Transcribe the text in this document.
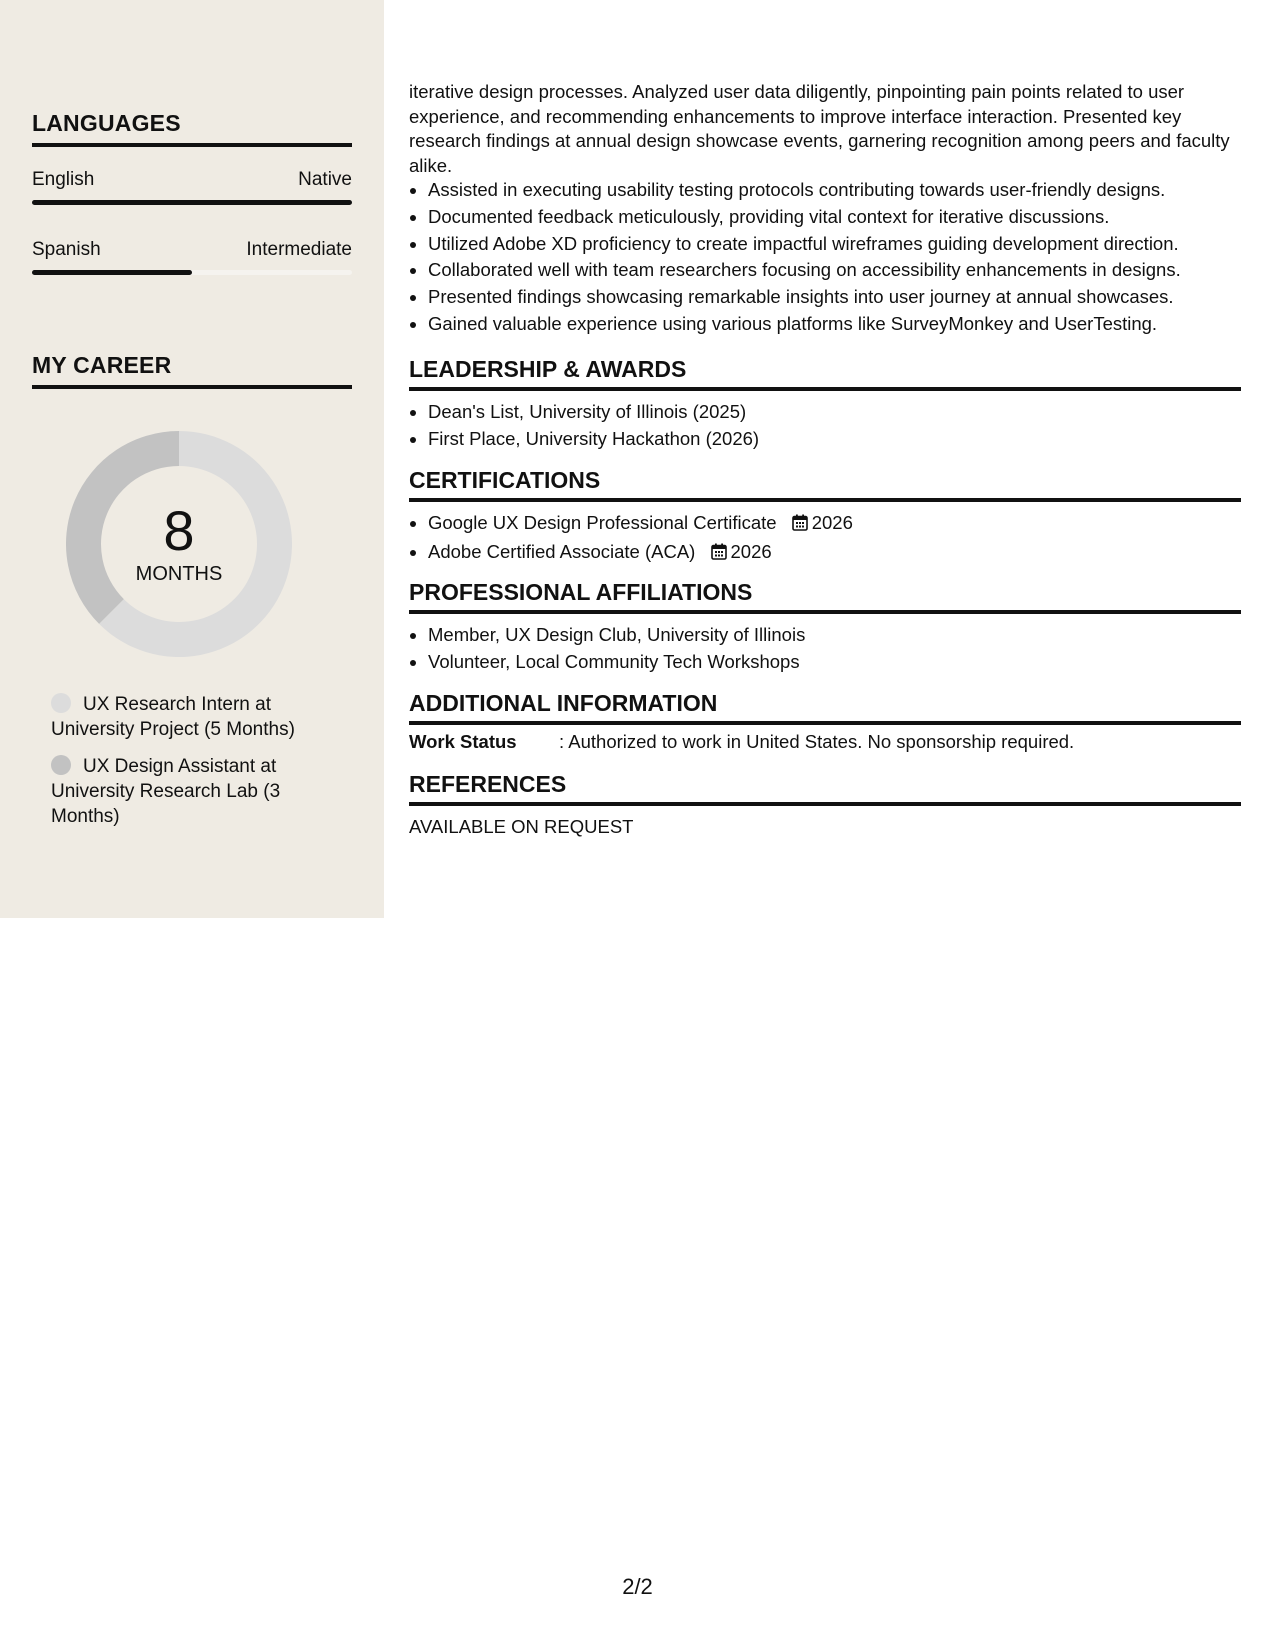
LANGUAGES
English	Native
Spanish	Intermediate
MY CAREER
8
MONTHS
UX Research Intern at University Project (5 Months)
UX Design Assistant at University Research Lab (3 Months)

iterative design processes. Analyzed user data diligently, pinpointing pain points related to user experience, and recommending enhancements to improve interface interaction. Presented key research findings at annual design showcase events, garnering recognition among peers and faculty alike.

• Assisted in executing usability testing protocols contributing towards user-friendly designs.
• Documented feedback meticulously, providing vital context for iterative discussions.
• Utilized Adobe XD proficiency to create impactful wireframes guiding development direction.
• Collaborated well with team researchers focusing on accessibility enhancements in designs.
• Presented findings showcasing remarkable insights into user journey at annual showcases.
• Gained valuable experience using various platforms like SurveyMonkey and UserTesting.
LEADERSHIP & AWARDS
• Dean's List, University of Illinois (2025)
• First Place, University Hackathon (2026)
CERTIFICATIONS
• Google UX Design Professional Certificate 2026
• Adobe Certified Associate (ACA) 2026
PROFESSIONAL AFFILIATIONS
• Member, UX Design Club, University of Illinois
• Volunteer, Local Community Tech Workshops
ADDITIONAL INFORMATION
Work Status	: Authorized to work in United States. No sponsorship required.
REFERENCES
AVAILABLE ON REQUEST
2/2
